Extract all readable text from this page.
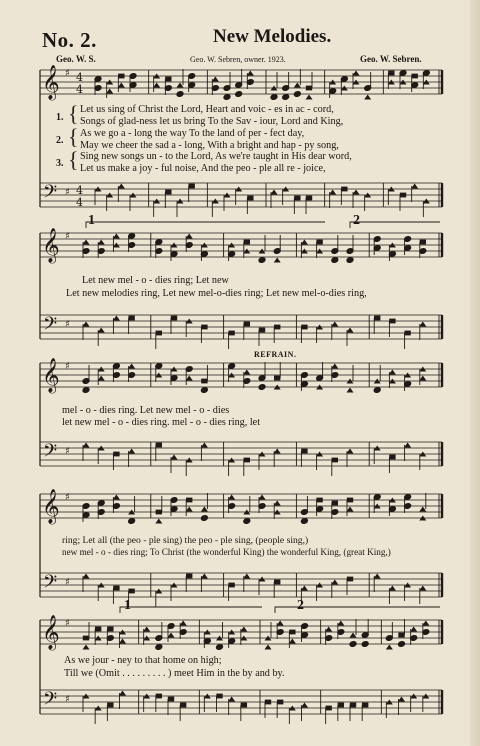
No. 2.	New Melodies.
Geo. W. S.	Geo. W. Sebren, owner. 1923.	Geo. W. Sebren.
𝄞
𝄢
♯
♯
4
4
4
4
𝄞
𝄢
♯
♯
𝄞
𝄢
♯
♯
𝄞
𝄢
♯
♯
𝄞
𝄢
♯
♯
1. { Let us sing of Christ the Lord, Heart and voic - es in ac - cord,
Songs of glad-ness let us bring To the Sav - iour, Lord and King,
2. { As we go a - long the way To the land of per - fect day,
May we cheer the sad a - long, With a bright and hap - py song,
3. { Sing new songs un - to the Lord, As we're taught in His dear word,
Let us make a joy - ful noise, And the peo - ple all re - joice,
1	2
Let new mel - o - dies ring; Let new
Let new melodies ring, Let new mel-o-dies ring; Let new mel-o-dies ring,
REFRAIN.
mel - o - dies ring. Let new mel - o - dies
let new mel - o - dies ring. mel - o - dies ring, let
ring; Let all (the peo - ple sing) the peo - ple sing, (people sing,)
new mel - o - dies ring; To Christ (the wonderful King) the wonderful King, (great King,)
1	2
As we jour - ney to that home on high;
Till we (Omit . . . . . . . . . ) meet Him in the by and by.
